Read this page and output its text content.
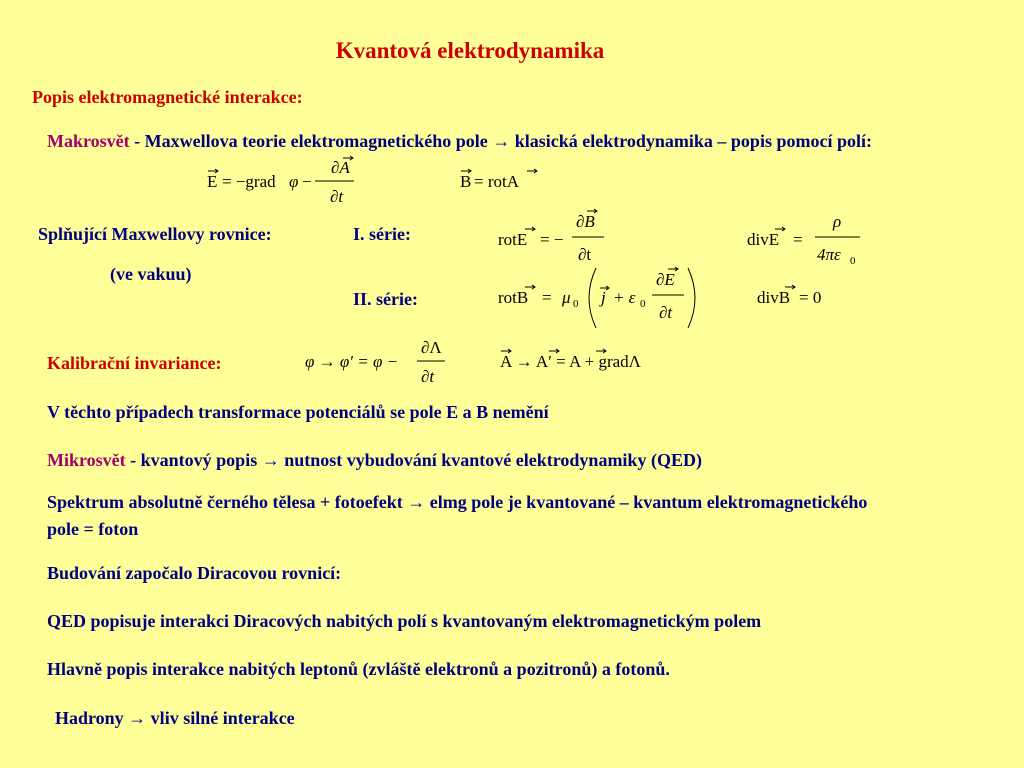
Kvantová elektrodynamika
Popis elektromagnetické interakce:
Makrosvět - Maxwellova teorie elektromagnetického pole → klasická elektrodynamika – popis pomocí polí:
E = −grad φ −
∂A
∂t
B = rotA
Splňující Maxwellovy rovnice:	I. série:
(ve vakuu)
II. série:
rotE = −
∂B
∂t
divE =
ρ
4πε 0
rotB = μ 0 j + ε 0
∂E
∂t
divB = 0
Kalibrační invariance:	φ → φ′ = φ −
∂Λ
∂t
A → A′ = A + gradΛ
V těchto případech transformace potenciálů se pole E a B nemění
Mikrosvět - kvantový popis → nutnost vybudování kvantové elektrodynamiky (QED)
Spektrum absolutně černého tělesa + fotoefekt → elmg pole je kvantované – kvantum elektromagnetického pole = foton
Budování započalo Diracovou rovnicí:
QED popisuje interakci Diracových nabitých polí s kvantovaným elektromagnetickým polem
Hlavně popis interakce nabitých leptonů (zvláště elektronů a pozitronů) a fotonů.
Hadrony → vliv silné interakce
